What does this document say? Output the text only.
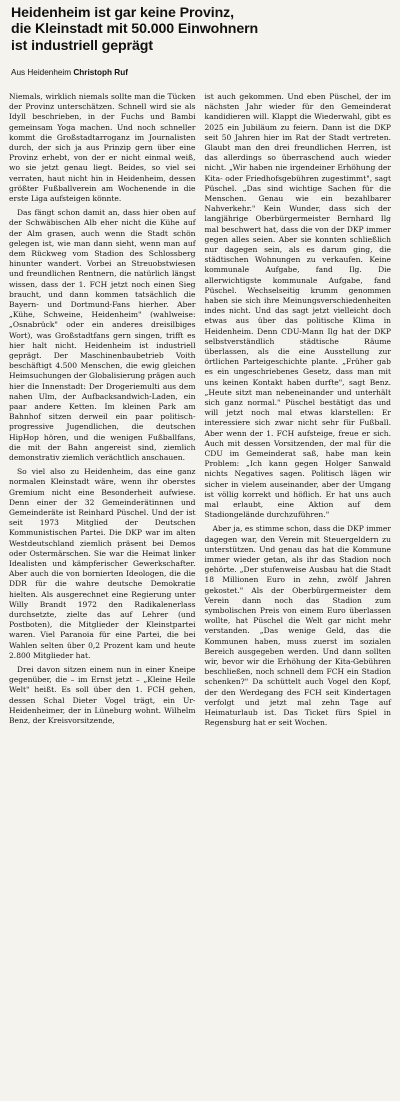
Heidenheim ist gar keine Provinz,
die Kleinstadt mit 50.000 Einwohnern
ist industriell geprägt
Aus Heidenheim Christoph Ruf

Niemals, wirklich niemals sollte man die Tücken der Provinz unterschätzen. Schnell wird sie als Idyll beschrieben, in der Fuchs und Bambi gemeinsam Yoga machen. Und noch schneller kommt die Großstadtarroganz im Journalisten durch, der sich ja aus Prinzip gern über eine Provinz erhebt, von der er nicht einmal weiß, wo sie jetzt genau liegt. Beides, so viel sei verraten, haut nicht hin in Heidenheim, dessen größter Fußballverein am Wochenende in die erste Liga aufsteigen könnte.

Das fängt schon damit an, dass hier oben auf der Schwäbischen Alb eher nicht die Kühe auf der Alm grasen, auch wenn die Stadt schön gelegen ist, wie man dann sieht, wenn man auf dem Rückweg vom Stadion des Schlossberg hinunter wandert. Vorbei an Streuobstwiesen und freundlichen Rentnern, die natürlich längst wissen, dass der 1. FCH jetzt noch einen Sieg braucht, und dann kommen tatsächlich die Bayern- und Dortmund-Fans hierher. Aber „Kühe, Schweine, Heidenheim" (wahlweise: „Osnabrück" oder ein anderes dreisilbiges Wort), was Großstadtfans gern singen, trifft es hier halt nicht. Heidenheim ist industriell geprägt. Der Maschinenbaubetrieb Voith beschäftigt 4.500 Menschen, die ewig gleichen Heimsuchungen der Globalisierung prägen auch hier die Innenstadt: Der Drogeriemulti aus dem nahen Ulm, der Aufbacksandwich-Laden, ein paar andere Ketten. Im kleinen Park am Bahnhof sitzen derweil ein paar politisch-progressive Jugendlichen, die deutschen HipHop hören, und die wenigen Fußballfans, die mit der Bahn angereist sind, ziemlich demonstrativ ziemlich verächtlich anschauen.

So viel also zu Heidenheim, das eine ganz normalen Kleinstadt wäre, wenn ihr oberstes Gremium nicht eine Besonderheit aufwiese. Denn einer der 32 Gemeinderätinnen und Gemeinderäte ist Reinhard Püschel. Und der ist seit 1973 Mitglied der Deutschen Kommunistischen Partei. Die DKP war im alten Westdeutschland ziemlich präsent bei Demos oder Ostermärschen. Sie war die Heimat linker Idealisten und kämpferischer Gewerkschafter. Aber auch die von bornierten Ideologen, die die DDR für die wahre deutsche Demokratie hielten. Als ausgerechnet eine Regierung unter Willy Brandt 1972 den Radikalenerlass durchsetzte, zielte das auf Lehrer (und Postboten), die Mitglieder der Kleinstpartei waren. Viel Paranoia für eine Partei, die bei Wahlen selten über 0,2 Prozent kam und heute 2.800 Mitglieder hat.

Drei davon sitzen einem nun in einer Kneipe gegenüber, die – im Ernst jetzt – „Kleine Heile Welt" heißt. Es soll über den 1. FCH gehen, dessen Schal Dieter Vogel trägt, ein Ur-Heidenheimer, der in Lüneburg wohnt. Wilhelm Benz, der Kreisvorsitzende,

ist auch gekommen. Und eben Püschel, der im nächsten Jahr wieder für den Gemeinderat kandidieren will. Klappt die Wiederwahl, gibt es 2025 ein Jubiläum zu feiern. Dann ist die DKP seit 50 Jahren hier im Rat der Stadt vertreten. Glaubt man den drei freundlichen Herren, ist das allerdings so überraschend auch wieder nicht. „Wir haben nie irgendeiner Erhöhung der Kita- oder Friedhofsgebühren zugestimmt", sagt Püschel. „Das sind wichtige Sachen für die Menschen. Genau wie ein bezahlbarer Nahverkehr." Kein Wunder, dass sich der langjährige Oberbürgermeister Bernhard Ilg mal beschwert hat, dass die von der DKP immer gegen alles seien. Aber sie konnten schließlich nur dagegen sein, als es darum ging, die städtischen Wohnungen zu verkaufen. Keine kommunale Aufgabe, fand Ilg. Die allerwichtigste kommunale Aufgabe, fand Püschel. Wechselseitig krumm genommen haben sie sich ihre Meinungsverschiedenheiten indes nicht. Und das sagt jetzt vielleicht doch etwas aus über das politische Klima in Heidenheim. Denn CDU-Mann Ilg hat der DKP selbstverständlich städtische Räume überlassen, als die eine Ausstellung zur örtlichen Parteigeschichte plante. „Früher gab es ein ungeschriebenes Gesetz, dass man mit uns keinen Kontakt haben durfte", sagt Benz. „Heute sitzt man nebeneinander und unterhält sich ganz normal." Püschel bestätigt das und will jetzt noch mal etwas klarstellen: Er interessiere sich zwar nicht sehr für Fußball. Aber wenn der 1. FCH aufsteige, freue er sich. Auch mit dessen Vorsitzenden, der mal für die CDU im Gemeinderat saß, habe man kein Problem: „Ich kann gegen Holger Sanwald nichts Negatives sagen. Politisch lägen wir sicher in vielem auseinander, aber der Umgang ist völlig korrekt und höflich. Er hat uns auch mal erlaubt, eine Aktion auf dem Stadiongelände durchzuführen."

Aber ja, es stimme schon, dass die DKP immer dagegen war, den Verein mit Steuergeldern zu unterstützen. Und genau das hat die Kommune immer wieder getan, als ihr das Stadion noch gehörte. „Der stufenweise Ausbau hat die Stadt 18 Millionen Euro in zehn, zwölf Jahren gekostet." Als der Oberbürgermeister dem Verein dann noch das Stadion zum symbolischen Preis von einem Euro überlassen wollte, hat Püschel die Welt gar nicht mehr verstanden. „Das wenige Geld, das die Kommunen haben, muss zuerst im sozialen Bereich ausgegeben werden. Und dann sollten wir, bevor wir die Erhöhung der Kita-Gebühren beschließen, noch schnell dem FCH ein Stadion schenken?" Da schüttelt auch Vogel den Kopf, der den Werdegang des FCH seit Kindertagen verfolgt und jetzt mal zehn Tage auf Heimaturlaub ist. Das Ticket fürs Spiel in Regensburg hat er seit Wochen.
